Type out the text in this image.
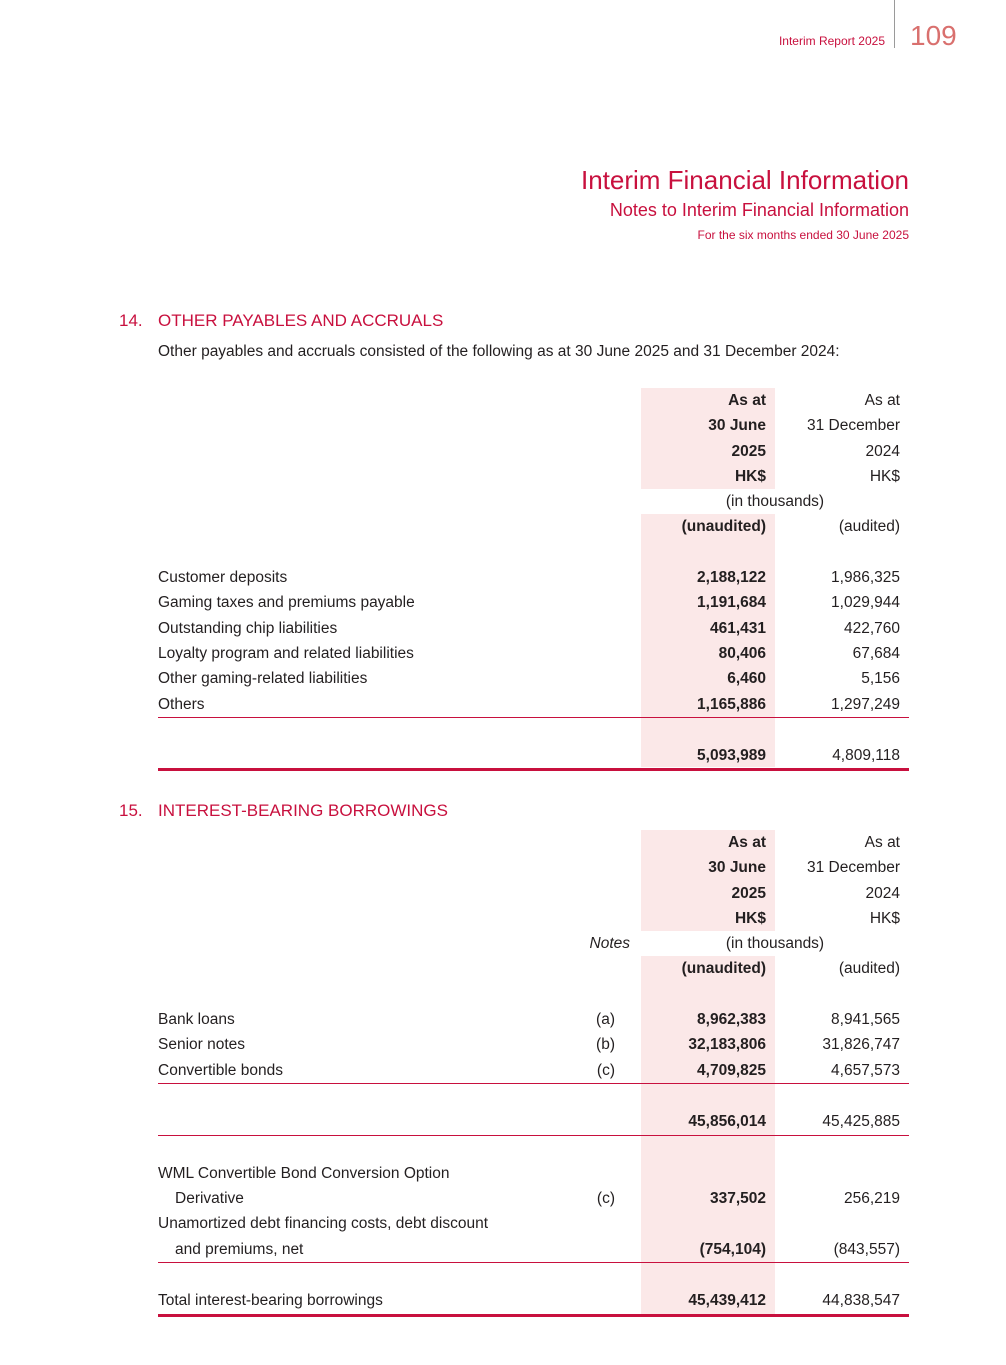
Interim Report 2025 109
Interim Financial Information
Notes to Interim Financial Information
For the six months ended 30 June 2025
14. OTHER PAYABLES AND ACCRUALS
Other payables and accruals consisted of the following as at 30 June 2025 and 31 December 2024:
As at	As at
30 June	31 December
2025	2024
HK$	HK$
(in thousands)
(unaudited)	(audited)
Customer deposits	2,188,122	1,986,325
Gaming taxes and premiums payable	1,191,684	1,029,944
Outstanding chip liabilities	461,431	422,760
Loyalty program and related liabilities	80,406	67,684
Other gaming-related liabilities	6,460	5,156
Others	1,165,886	1,297,249
5,093,989	4,809,118
15. INTEREST-BEARING BORROWINGS
As at	As at
30 June	31 December
2025	2024
HK$	HK$
Notes	(in thousands)
(unaudited)	(audited)
Bank loans	(a)	8,962,383	8,941,565
Senior notes	(b)	32,183,806	31,826,747
Convertible bonds	(c)	4,709,825	4,657,573
45,856,014	45,425,885
WML Convertible Bond Conversion Option
Derivative	(c)	337,502	256,219
Unamortized debt financing costs, debt discount
and premiums, net	(754,104)	(843,557)
Total interest-bearing borrowings	45,439,412	44,838,547
